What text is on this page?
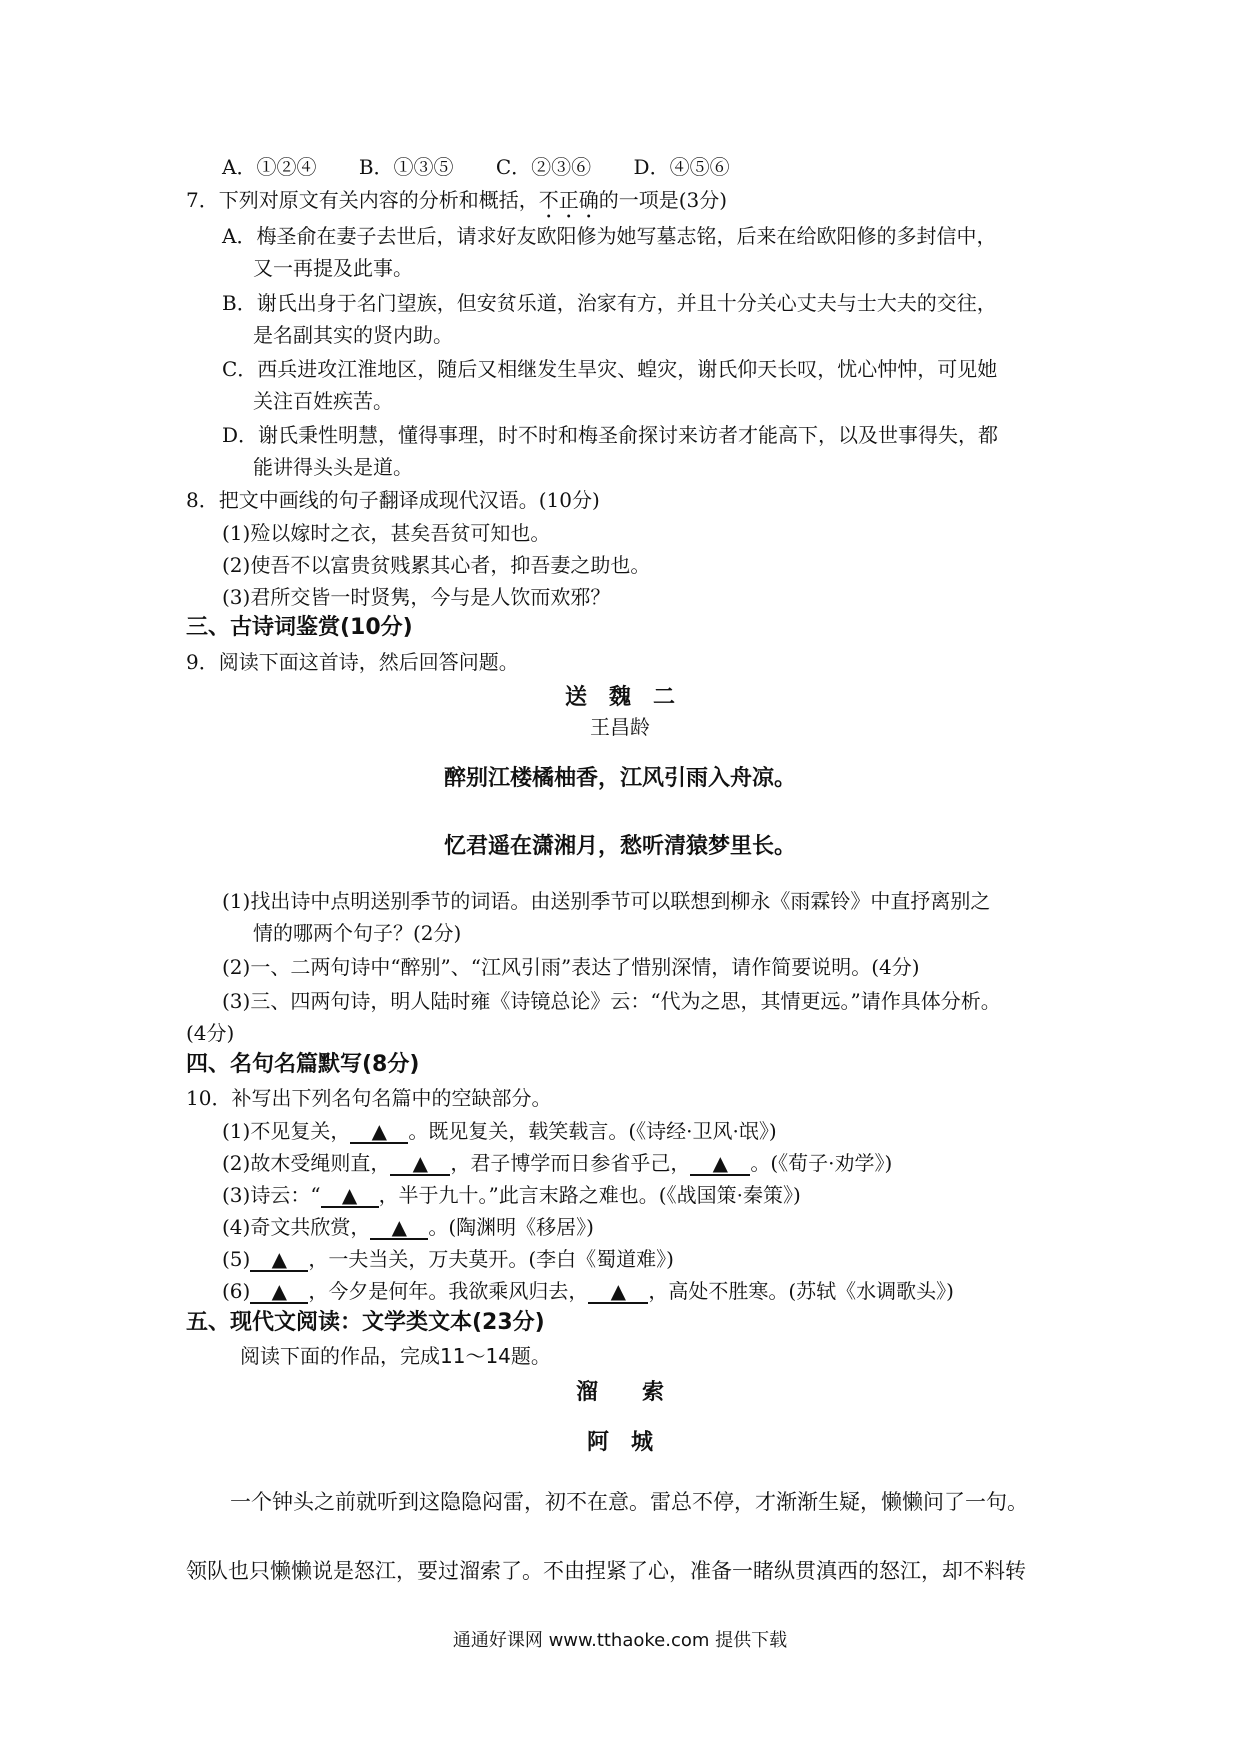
A．①②④ B．①③⑤ C．②③⑥ D．④⑤⑥
7．下列对原文有关内容的分析和概括，不正确的一项是(3分)
A．梅圣俞在妻子去世后，请求好友欧阳修为她写墓志铭，后来在给欧阳修的多封信中，
又一再提及此事。
B．谢氏出身于名门望族，但安贫乐道，治家有方，并且十分关心丈夫与士大夫的交往，
是名副其实的贤内助。
C．西兵进攻江淮地区，随后又相继发生旱灾、蝗灾，谢氏仰天长叹，忧心忡忡，可见她
关注百姓疾苦。
D．谢氏秉性明慧，懂得事理，时不时和梅圣俞探讨来访者才能高下，以及世事得失，都
能讲得头头是道。
8．把文中画线的句子翻译成现代汉语。(10分)
(1)殓以嫁时之衣，甚矣吾贫可知也。
(2)使吾不以富贵贫贱累其心者，抑吾妻之助也。
(3)君所交皆一时贤隽，今与是人饮而欢邪？
三、古诗词鉴赏(10分)
9．阅读下面这首诗，然后回答问题。
送　魏　二
王昌龄
醉别江楼橘柚香，江风引雨入舟凉。
忆君遥在潇湘月，愁听清猿梦里长。
(1)找出诗中点明送别季节的词语。由送别季节可以联想到柳永《雨霖铃》中直抒离别之
情的哪两个句子？(2分)
(2)一、二两句诗中“醉别”、“江风引雨”表达了惜别深情，请作简要说明。(4分)
(3)三、四两句诗，明人陆时雍《诗镜总论》云：“代为之思，其情更远。”请作具体分析。
(4分)
四、名句名篇默写(8分)
10．补写出下列名句名篇中的空缺部分。
(1)不见复关， ▲ 。既见复关，载笑载言。(《诗经·卫风·氓》)
(2)故木受绳则直， ▲ ，君子博学而日参省乎己， ▲ 。(《荀子·劝学》)
(3)诗云：“ ▲ ，半于九十。”此言末路之难也。(《战国策·秦策》)
(4)奇文共欣赏， ▲ 。(陶渊明《移居》)
(5) ▲ ，一夫当关，万夫莫开。(李白《蜀道难》)
(6) ▲ ，今夕是何年。我欲乘风归去， ▲ ，高处不胜寒。(苏轼《水调歌头》)
五、现代文阅读：文学类文本(23分)
阅读下面的作品，完成11～14题。
溜　　索
阿　城
一个钟头之前就听到这隐隐闷雷，初不在意。雷总不停，才渐渐生疑，懒懒问了一句。
领队也只懒懒说是怒江，要过溜索了。不由捏紧了心，准备一睹纵贯滇西的怒江，却不料转
通通好课网 www.tthaoke.com 提供下载
